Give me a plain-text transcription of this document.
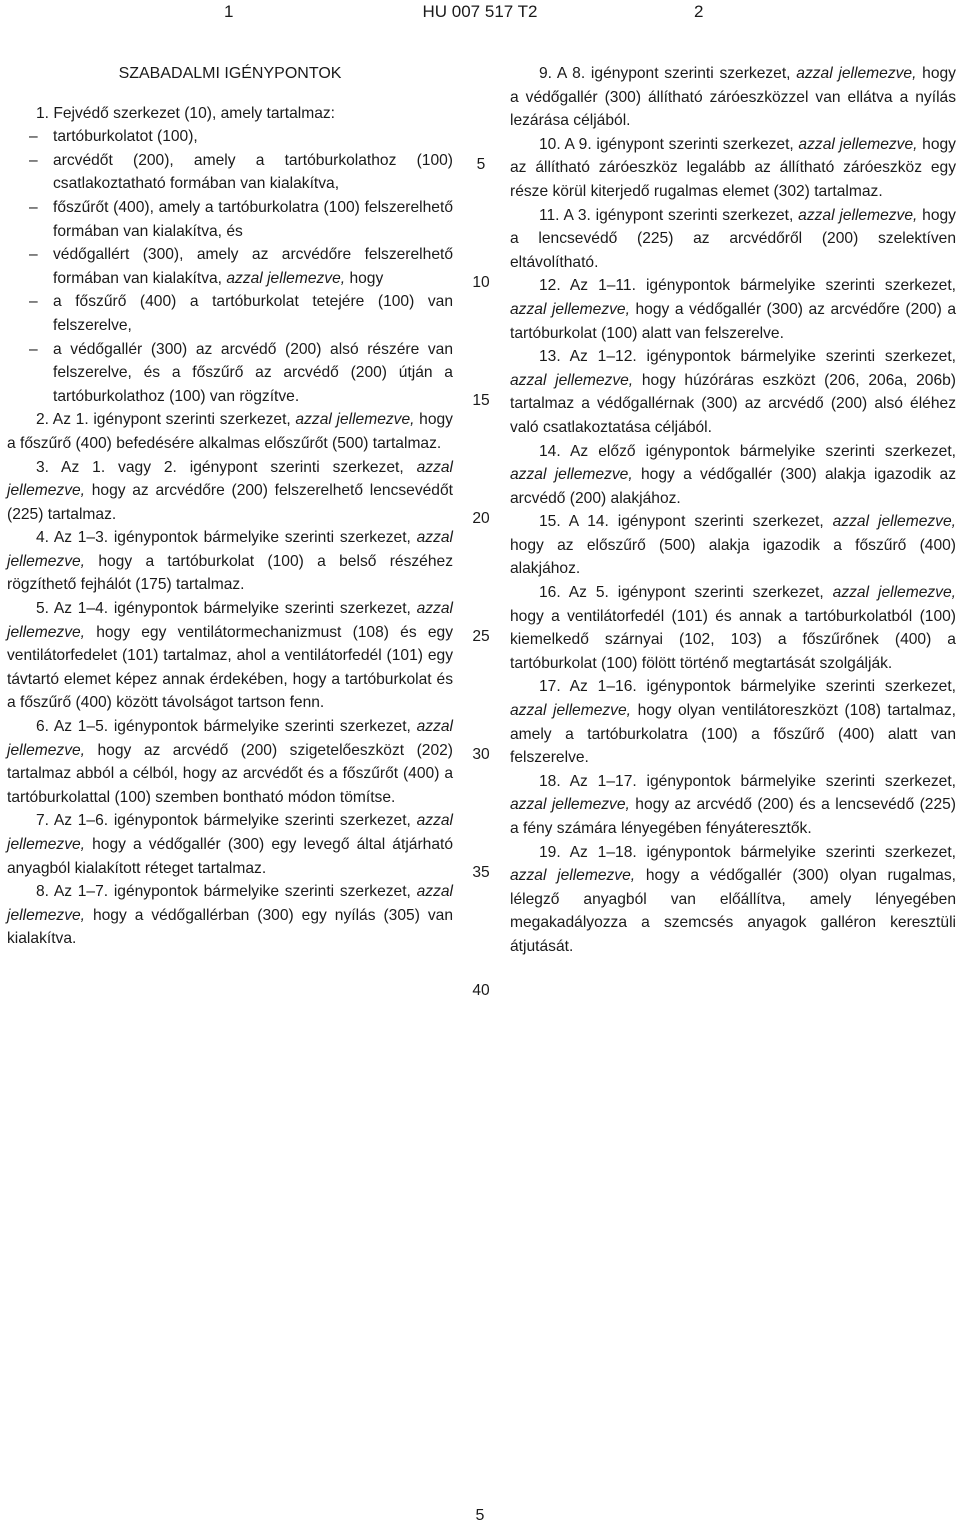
1	HU 007 517 T2	2

SZABADALMI IGÉNYPONTOK

1. Fejvédő szerkezet (10), amely tartalmaz:

– tartóburkolatot (100),

– arcvédőt (200), amely a tartóburkolathoz (100) csatlakoztatható formában van kialakítva,

– főszűrőt (400), amely a tartóburkolatra (100) felszerelhető formában van kialakítva, és

– védőgallért (300), amely az arcvédőre felszerelhető formában van kialakítva, azzal jellemezve, hogy

– a főszűrő (400) a tartóburkolat tetejére (100) van felszerelve,

– a védőgallér (300) az arcvédő (200) alsó részére van felszerelve, és a főszűrő az arcvédő (200) útján a tartóburkolathoz (100) van rögzítve.

2. Az 1. igénypont szerinti szerkezet, azzal jellemezve, hogy a főszűrő (400) befedésére alkalmas előszűrőt (500) tartalmaz.

3. Az 1. vagy 2. igénypont szerinti szerkezet, azzal jellemezve, hogy az arcvédőre (200) felszerelhető lencsevédőt (225) tartalmaz.

4. Az 1–3. igénypontok bármelyike szerinti szerkezet, azzal jellemezve, hogy a tartóburkolat (100) a belső részéhez rögzíthető fejhálót (175) tartalmaz.

5. Az 1–4. igénypontok bármelyike szerinti szerkezet, azzal jellemezve, hogy egy ventilátormechanizmust (108) és egy ventilátorfedelet (101) tartalmaz, ahol a ventilátorfedél (101) egy távtartó elemet képez annak érdekében, hogy a tartóburkolat és a főszűrő (400) között távolságot tartson fenn.

6. Az 1–5. igénypontok bármelyike szerinti szerkezet, azzal jellemezve, hogy az arcvédő (200) szigetelőeszközt (202) tartalmaz abból a célból, hogy az arcvédőt és a főszűrőt (400) a tartóburkolattal (100) szemben bontható módon tömítse.

7. Az 1–6. igénypontok bármelyike szerinti szerkezet, azzal jellemezve, hogy a védőgallér (300) egy levegő által átjárható anyagból kialakított réteget tartalmaz.

8. Az 1–7. igénypontok bármelyike szerinti szerkezet, azzal jellemezve, hogy a védőgallérban (300) egy nyílás (305) van kialakítva.

9. A 8. igénypont szerinti szerkezet, azzal jellemezve, hogy a védőgallér (300) állítható záróeszközzel van ellátva a nyílás lezárása céljából.

10. A 9. igénypont szerinti szerkezet, azzal jellemezve, hogy az állítható záróeszköz legalább az állítható záróeszköz egy része körül kiterjedő rugalmas elemet (302) tartalmaz.

11. A 3. igénypont szerinti szerkezet, azzal jellemezve, hogy a lencsevédő (225) az arcvédőről (200) szelektíven eltávolítható.

12. Az 1–11. igénypontok bármelyike szerinti szerkezet, azzal jellemezve, hogy a védőgallér (300) az arcvédőre (200) a tartóburkolat (100) alatt van felszerelve.

13. Az 1–12. igénypontok bármelyike szerinti szerkezet, azzal jellemezve, hogy húzóráras eszközt (206, 206a, 206b) tartalmaz a védőgallérnak (300) az arcvédő (200) alsó éléhez való csatlakoztatása céljából.

14. Az előző igénypontok bármelyike szerinti szerkezet, azzal jellemezve, hogy a védőgallér (300) alakja igazodik az arcvédő (200) alakjához.

15. A 14. igénypont szerinti szerkezet, azzal jellemezve, hogy az előszűrő (500) alakja igazodik a főszűrő (400) alakjához.

16. Az 5. igénypont szerinti szerkezet, azzal jellemezve, hogy a ventilátorfedél (101) és annak a tartóburkolatból (100) kiemelkedő szárnyai (102, 103) a főszűrőnek (400) a tartóburkolat (100) fölött történő megtartását szolgálják.

17. Az 1–16. igénypontok bármelyike szerinti szerkezet, azzal jellemezve, hogy olyan ventilátoreszközt (108) tartalmaz, amely a tartóburkolatra (100) a főszűrő (400) alatt van felszerelve.

18. Az 1–17. igénypontok bármelyike szerinti szerkezet, azzal jellemezve, hogy az arcvédő (200) és a lencsevédő (225) a fény számára lényegében fényáteresztők.

19. Az 1–18. igénypontok bármelyike szerinti szerkezet, azzal jellemezve, hogy a védőgallér (300) olyan rugalmas, lélegző anyagból van előállítva, amely lényegében megakadályozza a szemcsés anyagok galléron keresztüli átjutását.

5
10
15
20
25
30
35
40
5
